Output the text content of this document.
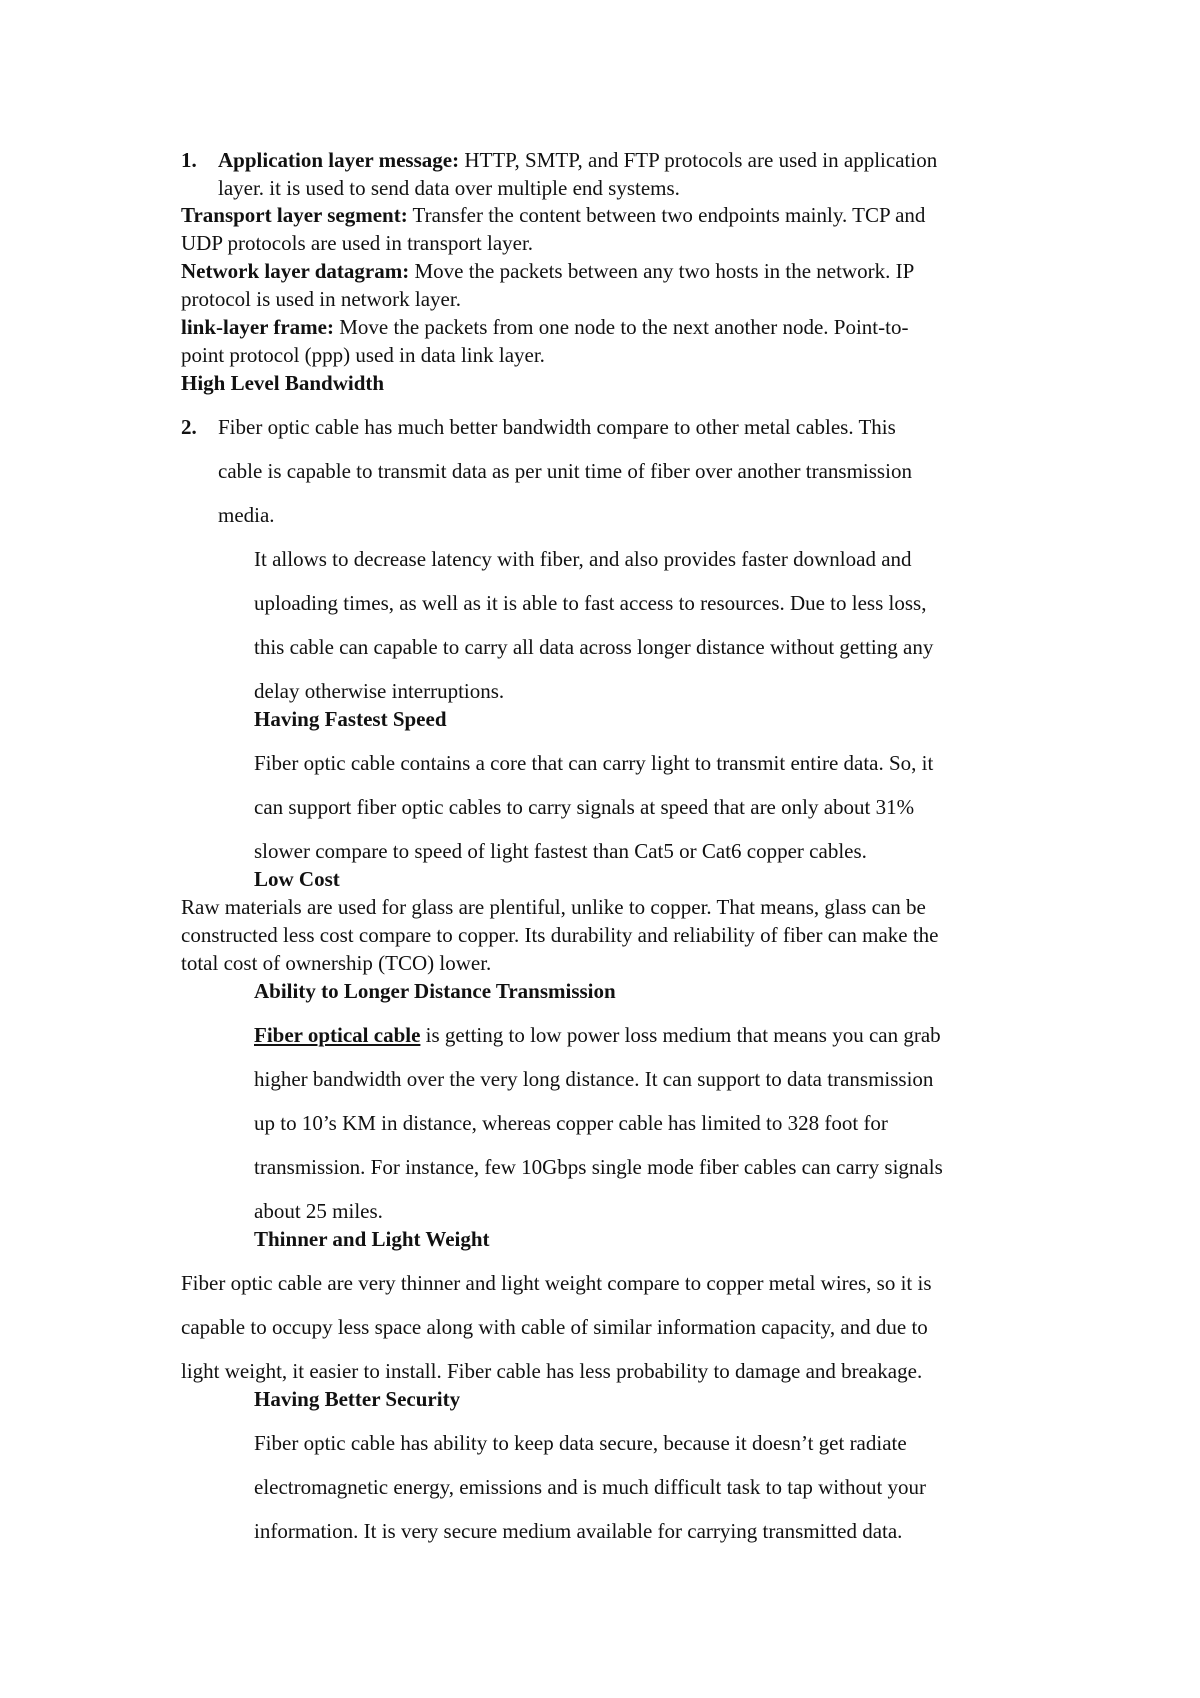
1. Application layer message: HTTP, SMTP, and FTP protocols are used in application
layer. it is used to send data over multiple end systems.
Transport layer segment: Transfer the content between two endpoints mainly. TCP and
UDP protocols are used in transport layer.
Network layer datagram: Move the packets between any two hosts in the network. IP
protocol is used in network layer.
link-layer frame: Move the packets from one node to the next another node. Point-to-
point protocol (ppp) used in data link layer.
High Level Bandwidth
2. Fiber optic cable has much better bandwidth compare to other metal cables. This
cable is capable to transmit data as per unit time of fiber over another transmission
media.
It allows to decrease latency with fiber, and also provides faster download and
uploading times, as well as it is able to fast access to resources. Due to less loss,
this cable can capable to carry all data across longer distance without getting any
delay otherwise interruptions.
Having Fastest Speed
Fiber optic cable contains a core that can carry light to transmit entire data. So, it
can support fiber optic cables to carry signals at speed that are only about 31%
slower compare to speed of light fastest than Cat5 or Cat6 copper cables.
Low Cost
Raw materials are used for glass are plentiful, unlike to copper. That means, glass can be
constructed less cost compare to copper. Its durability and reliability of fiber can make the
total cost of ownership (TCO) lower.
Ability to Longer Distance Transmission
Fiber optical cable is getting to low power loss medium that means you can grab
higher bandwidth over the very long distance. It can support to data transmission
up to 10’s KM in distance, whereas copper cable has limited to 328 foot for
transmission. For instance, few 10Gbps single mode fiber cables can carry signals
about 25 miles.
Thinner and Light Weight
Fiber optic cable are very thinner and light weight compare to copper metal wires, so it is
capable to occupy less space along with cable of similar information capacity, and due to
light weight, it easier to install. Fiber cable has less probability to damage and breakage.
Having Better Security
Fiber optic cable has ability to keep data secure, because it doesn’t get radiate
electromagnetic energy, emissions and is much difficult task to tap without your
information. It is very secure medium available for carrying transmitted data.
